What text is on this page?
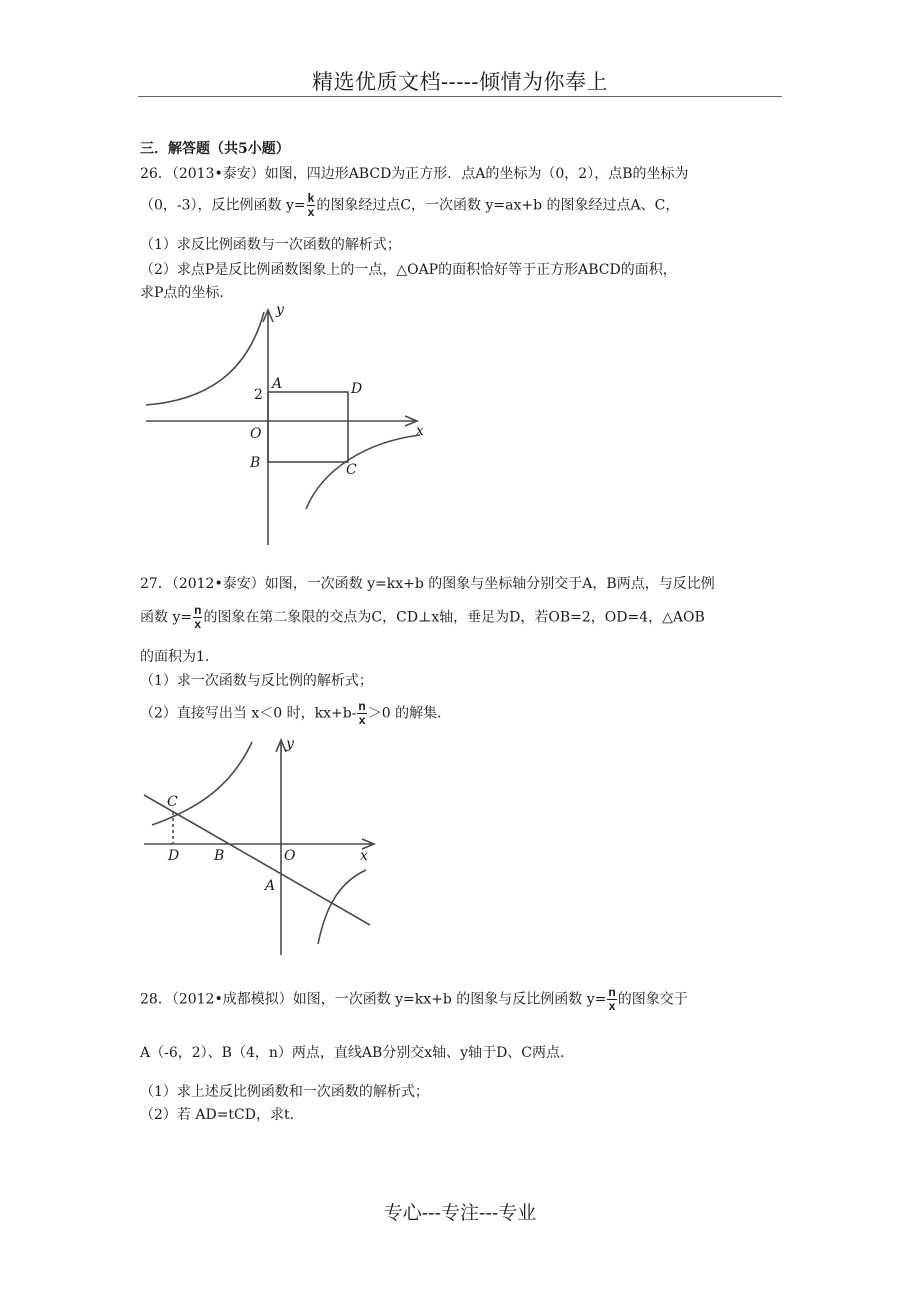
精选优质文档-----倾情为你奉上
三．解答题（共5小题）
26．（2013•泰安）如图，四边形ABCD为正方形．点A的坐标为（0，2），点B的坐标为
（0，-3），反比例函数 $y= \frac{k}{x}$ 的图象经过点C，一次函数 y=ax+b 的图象经过点A、C，
（1）求反比例函数与一次函数的解析式；
（2）求点P是反比例函数图象上的一点，△OAP的面积恰好等于正方形ABCD的面积，
求P点的坐标．
y
x
2
A	D
O
B	C
27．（2012•泰安）如图，一次函数 y=kx+b 的图象与坐标轴分别交于A，B两点，与反比例
函数 $y= \frac{n}{x}$ 的图象在第二象限的交点为C，CD⊥x轴，垂足为D，若OB=2，OD=4，△AOB
的面积为1．
（1）求一次函数与反比例的解析式；
（2）直接写出当 x＜0 时，$kx+b- \frac{n}{x} >0$ 的解集．
y
x
C
D B	O
A
28．（2012•成都模拟）如图，一次函数 y=kx+b 的图象与反比例函数 $y= \frac{n}{x}$ 的图象交于
A（-6，2）、B（4，n）两点，直线AB分别交x轴、y轴于D、C两点．
（1）求上述反比例函数和一次函数的解析式；
（2）若 AD=tCD，求t．
专心---专注---专业
